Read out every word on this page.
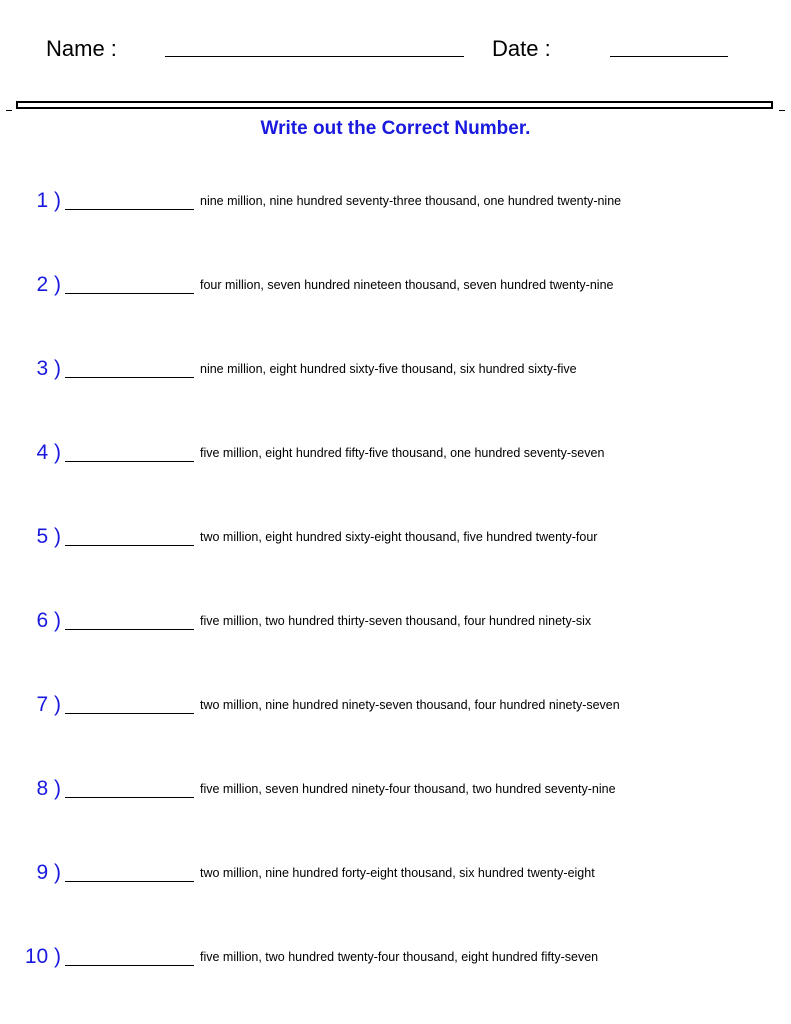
Name :	Date :
Write out the Correct Number.
1 )	nine million, nine hundred seventy-three thousand, one hundred twenty-nine
2 )	four million, seven hundred nineteen thousand, seven hundred twenty-nine
3 )	nine million, eight hundred sixty-five thousand, six hundred sixty-five
4 )	five million, eight hundred fifty-five thousand, one hundred seventy-seven
5 )	two million, eight hundred sixty-eight thousand, five hundred twenty-four
6 )	five million, two hundred thirty-seven thousand, four hundred ninety-six
7 )	two million, nine hundred ninety-seven thousand, four hundred ninety-seven
8 )	five million, seven hundred ninety-four thousand, two hundred seventy-nine
9 )	two million, nine hundred forty-eight thousand, six hundred twenty-eight
10 )	five million, two hundred twenty-four thousand, eight hundred fifty-seven
